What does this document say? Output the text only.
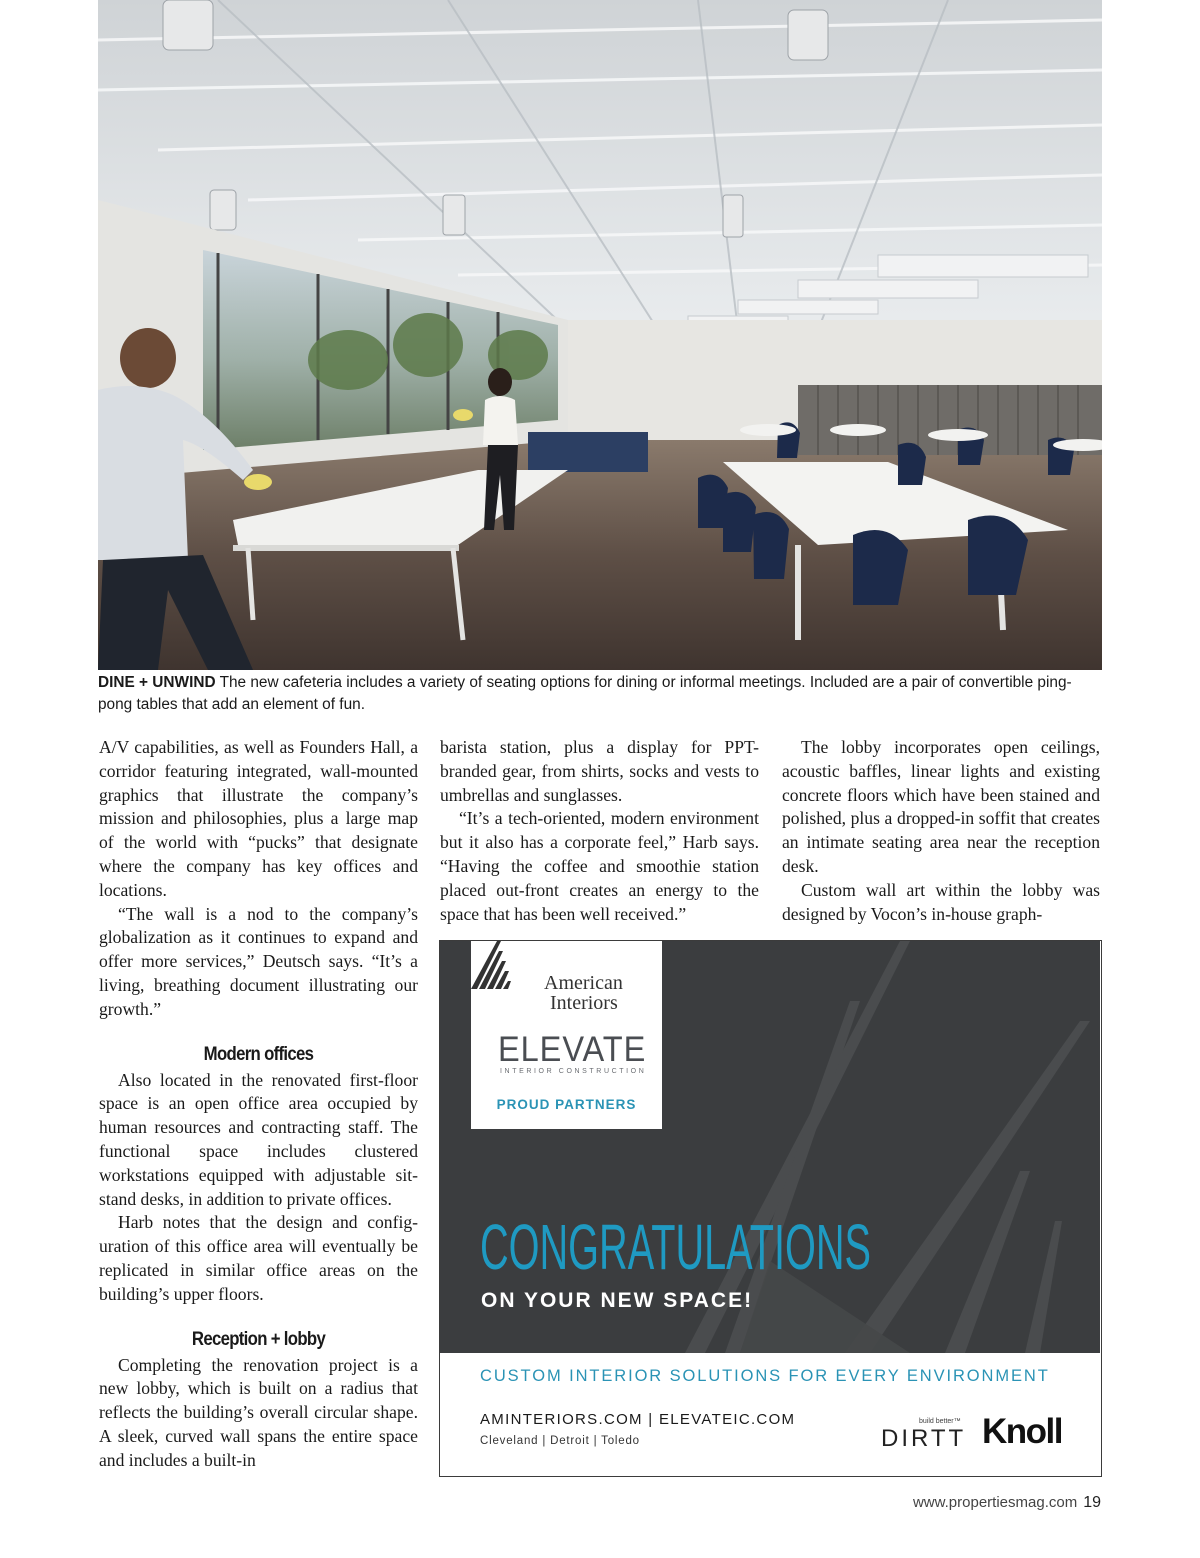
DINE + UNWIND The new cafeteria includes a variety of seating options for dining or informal meetings. Included are a pair of convertible ping-pong tables that add an element of fun.

A/V capabilities, as well as Founders Hall, a corridor featuring integrated, wall-mounted graphics that illustrate the company’s mission and philosophies, plus a large map of the world with “pucks” that designate where the company has key offices and locations.

“The wall is a nod to the company’s globalization as it continues to expand and offer more services,” Deutsch says. “It’s a living, breathing document illustrating our growth.”

Modern offices

Also located in the renovated first-floor space is an open office area occupied by human resources and contracting staff. The functional space includes clustered workstations equipped with adjustable sit-stand desks, in addition to private offices.

Harb notes that the design and configuration of this office area will eventually be replicated in similar office areas on the building’s upper floors.

Reception + lobby

Completing the renovation project is a new lobby, which is built on a radius that reflects the building’s overall circular shape. A sleek, curved wall spans the entire space and includes a built-in

barista station, plus a display for PPT-branded gear, from shirts, socks and vests to umbrellas and sunglasses.

“It’s a tech-oriented, modern environment but it also has a corporate feel,” Harb says. “Having the coffee and smoothie station placed out-front creates an energy to the space that has been well received.”

The lobby incorporates open ceilings, acoustic baffles, linear lights and existing concrete floors which have been stained and polished, plus a dropped-in soffit that creates an intimate seating area near the reception desk.

Custom wall art within the lobby was designed by Vocon’s in-house graph-

American
Interiors
ELEVATE
INTERIOR CONSTRUCTION
PROUD PARTNERS
CONGRATULATIONS
ON YOUR NEW SPACE!
CUSTOM INTERIOR SOLUTIONS FOR EVERY ENVIRONMENT
AMINTERIORS.COM | ELEVATEIC.COM
Cleveland | Detroit | Toledo
build better™
DIRTT Knoll
www.propertiesmag.com 19
